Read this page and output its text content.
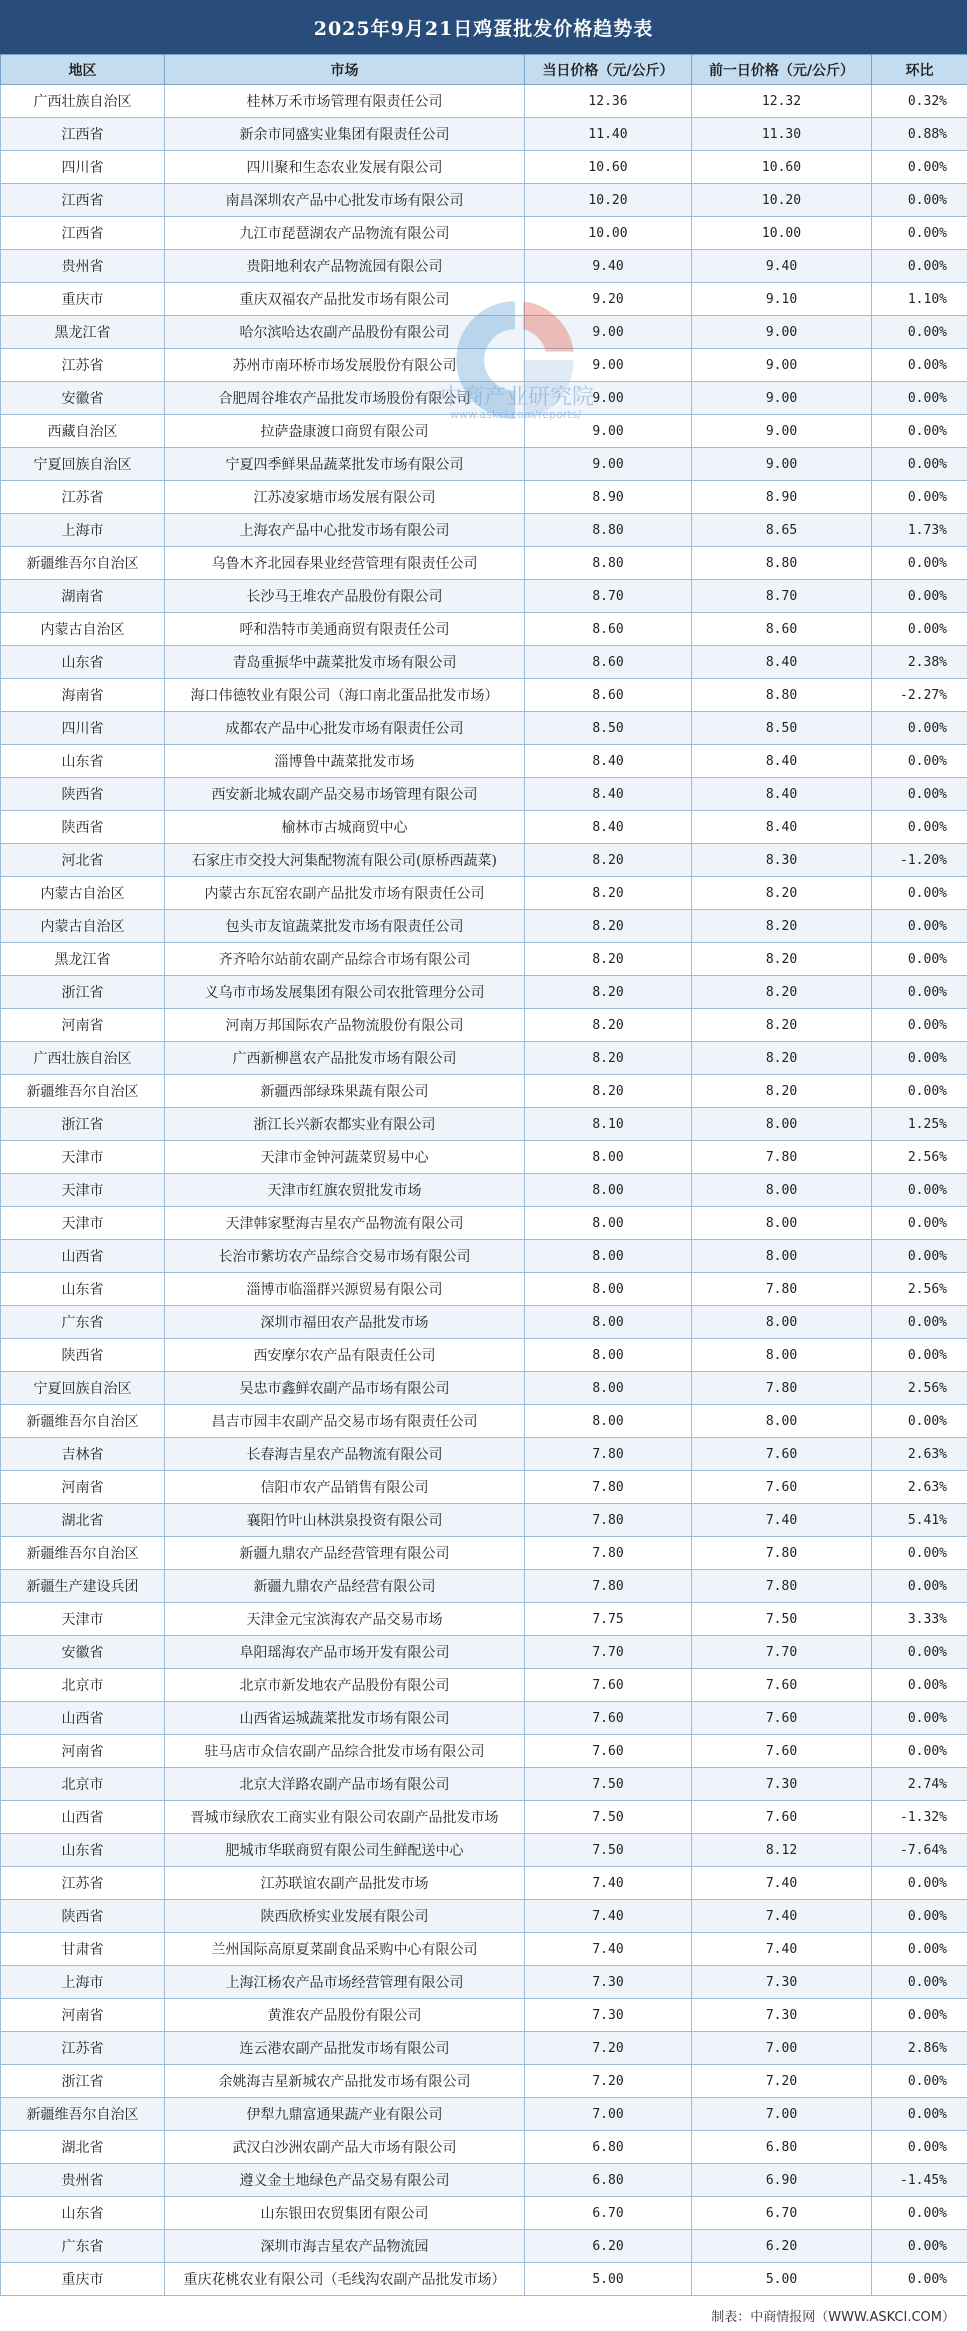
2025年9月21日鸡蛋批发价格趋势表
地区	市场	当日价格（元/公斤）	前一日价格（元/公斤）	环比
广西壮族自治区	桂林万禾市场管理有限责任公司	12.36	12.32	0.32%
江西省	新余市同盛实业集团有限责任公司	11.40	11.30	0.88%
四川省	四川聚和生态农业发展有限公司	10.60	10.60	0.00%
江西省	南昌深圳农产品中心批发市场有限公司	10.20	10.20	0.00%
江西省	九江市琵琶湖农产品物流有限公司	10.00	10.00	0.00%
贵州省	贵阳地利农产品物流园有限公司	9.40	9.40	0.00%
重庆市	重庆双福农产品批发市场有限公司	9.20	9.10	1.10%
黑龙江省	哈尔滨哈达农副产品股份有限公司	9.00	9.00	0.00%
江苏省	苏州市南环桥市场发展股份有限公司	9.00	9.00	0.00%
安徽省	合肥周谷堆农产品批发市场股份有限公司	9.00	9.00	0.00%
西藏自治区	拉萨盎康渡口商贸有限公司	9.00	9.00	0.00%
宁夏回族自治区	宁夏四季鲜果品蔬菜批发市场有限公司	9.00	9.00	0.00%
江苏省	江苏凌家塘市场发展有限公司	8.90	8.90	0.00%
上海市	上海农产品中心批发市场有限公司	8.80	8.65	1.73%
新疆维吾尔自治区	乌鲁木齐北园春果业经营管理有限责任公司	8.80	8.80	0.00%
湖南省	长沙马王堆农产品股份有限公司	8.70	8.70	0.00%
内蒙古自治区	呼和浩特市美通商贸有限责任公司	8.60	8.60	0.00%
山东省	青岛重振华中蔬菜批发市场有限公司	8.60	8.40	2.38%
海南省	海口伟德牧业有限公司（海口南北蛋品批发市场）	8.60	8.80	-2.27%
四川省	成都农产品中心批发市场有限责任公司	8.50	8.50	0.00%
山东省	淄博鲁中蔬菜批发市场	8.40	8.40	0.00%
陕西省	西安新北城农副产品交易市场管理有限公司	8.40	8.40	0.00%
陕西省	榆林市古城商贸中心	8.40	8.40	0.00%
河北省	石家庄市交投大河集配物流有限公司(原桥西蔬菜)	8.20	8.30	-1.20%
内蒙古自治区	内蒙古东瓦窑农副产品批发市场有限责任公司	8.20	8.20	0.00%
内蒙古自治区	包头市友谊蔬菜批发市场有限责任公司	8.20	8.20	0.00%
黑龙江省	齐齐哈尔站前农副产品综合市场有限公司	8.20	8.20	0.00%
浙江省	义乌市市场发展集团有限公司农批管理分公司	8.20	8.20	0.00%
河南省	河南万邦国际农产品物流股份有限公司	8.20	8.20	0.00%
广西壮族自治区	广西新柳邕农产品批发市场有限公司	8.20	8.20	0.00%
新疆维吾尔自治区	新疆西部绿珠果蔬有限公司	8.20	8.20	0.00%
浙江省	浙江长兴新农都实业有限公司	8.10	8.00	1.25%
天津市	天津市金钟河蔬菜贸易中心	8.00	7.80	2.56%
天津市	天津市红旗农贸批发市场	8.00	8.00	0.00%
天津市	天津韩家墅海吉星农产品物流有限公司	8.00	8.00	0.00%
山西省	长治市紫坊农产品综合交易市场有限公司	8.00	8.00	0.00%
山东省	淄博市临淄群兴源贸易有限公司	8.00	7.80	2.56%
广东省	深圳市福田农产品批发市场	8.00	8.00	0.00%
陕西省	西安摩尔农产品有限责任公司	8.00	8.00	0.00%
宁夏回族自治区	吴忠市鑫鲜农副产品市场有限公司	8.00	7.80	2.56%
新疆维吾尔自治区	昌吉市园丰农副产品交易市场有限责任公司	8.00	8.00	0.00%
吉林省	长春海吉星农产品物流有限公司	7.80	7.60	2.63%
河南省	信阳市农产品销售有限公司	7.80	7.60	2.63%
湖北省	襄阳竹叶山林洪泉投资有限公司	7.80	7.40	5.41%
新疆维吾尔自治区	新疆九鼎农产品经营管理有限公司	7.80	7.80	0.00%
新疆生产建设兵团	新疆九鼎农产品经营有限公司	7.80	7.80	0.00%
天津市	天津金元宝滨海农产品交易市场	7.75	7.50	3.33%
安徽省	阜阳瑶海农产品市场开发有限公司	7.70	7.70	0.00%
北京市	北京市新发地农产品股份有限公司	7.60	7.60	0.00%
山西省	山西省运城蔬菜批发市场有限公司	7.60	7.60	0.00%
河南省	驻马店市众信农副产品综合批发市场有限公司	7.60	7.60	0.00%
北京市	北京大洋路农副产品市场有限公司	7.50	7.30	2.74%
山西省	晋城市绿欣农工商实业有限公司农副产品批发市场	7.50	7.60	-1.32%
山东省	肥城市华联商贸有限公司生鲜配送中心	7.50	8.12	-7.64%
江苏省	江苏联谊农副产品批发市场	7.40	7.40	0.00%
陕西省	陕西欣桥实业发展有限公司	7.40	7.40	0.00%
甘肃省	兰州国际高原夏菜副食品采购中心有限公司	7.40	7.40	0.00%
上海市	上海江杨农产品市场经营管理有限公司	7.30	7.30	0.00%
河南省	黄淮农产品股份有限公司	7.30	7.30	0.00%
江苏省	连云港农副产品批发市场有限公司	7.20	7.00	2.86%
浙江省	余姚海吉星新城农产品批发市场有限公司	7.20	7.20	0.00%
新疆维吾尔自治区	伊犁九鼎富通果蔬产业有限公司	7.00	7.00	0.00%
湖北省	武汉白沙洲农副产品大市场有限公司	6.80	6.80	0.00%
贵州省	遵义金土地绿色产品交易有限公司	6.80	6.90	-1.45%
山东省	山东银田农贸集团有限公司	6.70	6.70	0.00%
广东省	深圳市海吉星农产品物流园	6.20	6.20	0.00%
重庆市	重庆花桃农业有限公司（毛线沟农副产品批发市场）	5.00	5.00	0.00%
中商产业研究院
www.askci.com/reports/
制表：中商情报网（WWW.ASKCI.COM）
